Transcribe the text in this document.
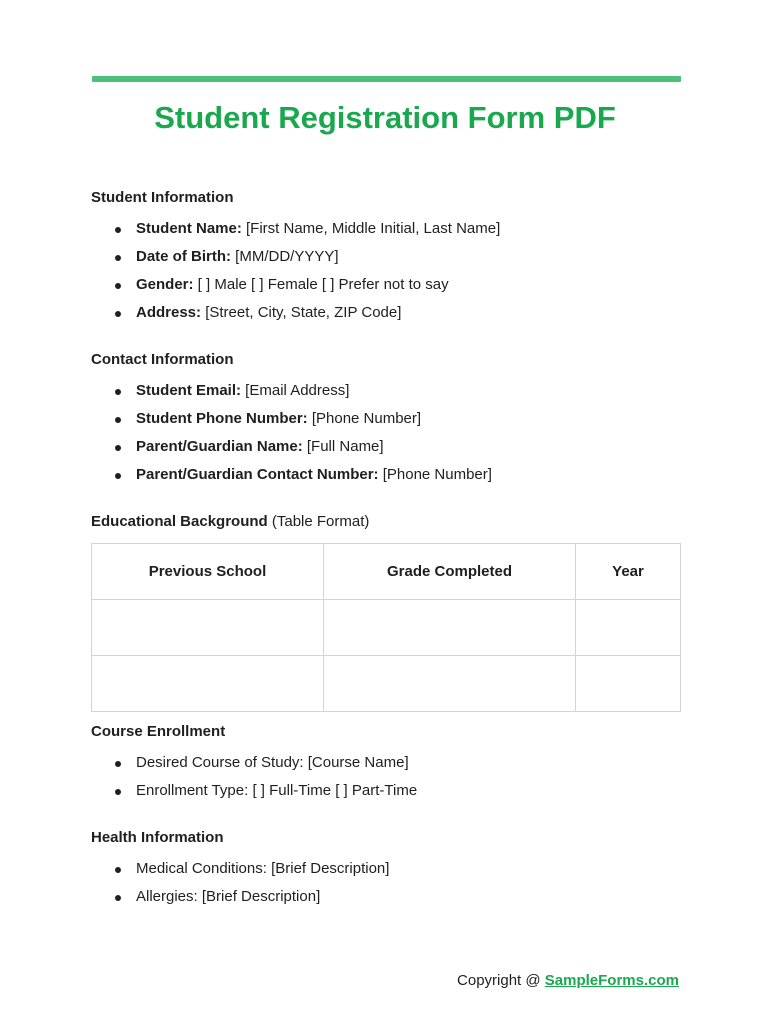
Student Registration Form PDF
Student Information
Student Name: [First Name, Middle Initial, Last Name]
Date of Birth: [MM/DD/YYYY]
Gender: [ ] Male [ ] Female [ ] Prefer not to say
Address: [Street, City, State, ZIP Code]
Contact Information
Student Email: [Email Address]
Student Phone Number: [Phone Number]
Parent/Guardian Name: [Full Name]
Parent/Guardian Contact Number: [Phone Number]
Educational Background (Table Format)
Previous School	Grade Completed	Year

Course Enrollment
Desired Course of Study: [Course Name]
Enrollment Type: [ ] Full-Time [ ] Part-Time
Health Information
Medical Conditions: [Brief Description]
Allergies: [Brief Description]
Copyright @ SampleForms.com
